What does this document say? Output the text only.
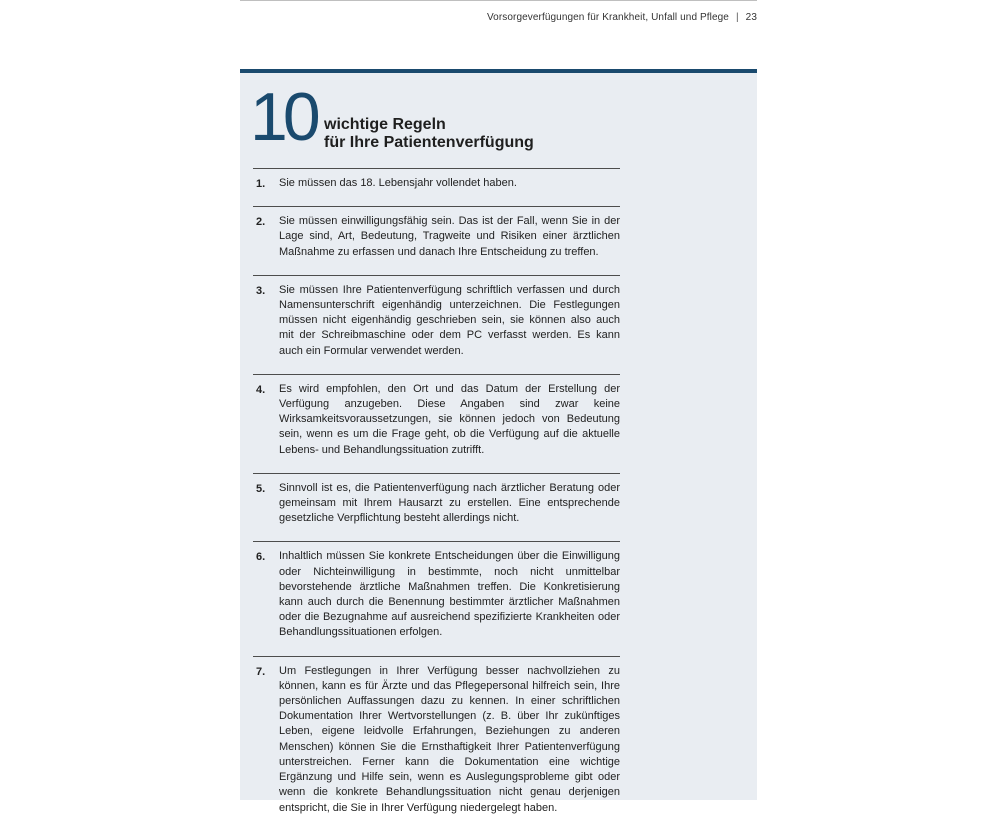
Vorsorgeverfügungen für Krankheit, Unfall und Pflege | 23
10 wichtige Regeln
für Ihre Patientenverfügung
1. Sie müssen das 18. Lebensjahr vollendet haben.
2. Sie müssen einwilligungsfähig sein. Das ist der Fall, wenn Sie in der Lage sind, Art, Bedeutung, Tragweite und Risiken einer ärztlichen Maßnahme zu erfassen und danach Ihre Entscheidung zu treffen.
3. Sie müssen Ihre Patientenverfügung schriftlich verfassen und durch Namensunterschrift eigenhändig unterzeichnen. Die Festlegungen müssen nicht eigenhändig geschrieben sein, sie können also auch mit der Schreibmaschine oder dem PC verfasst werden. Es kann auch ein Formular verwendet werden.
4. Es wird empfohlen, den Ort und das Datum der Erstellung der Verfügung anzugeben. Diese Angaben sind zwar keine Wirksamkeitsvoraussetzungen, sie können jedoch von Bedeutung sein, wenn es um die Frage geht, ob die Verfügung auf die aktuelle Lebens- und Behandlungssituation zutrifft.
5. Sinnvoll ist es, die Patientenverfügung nach ärztlicher Beratung oder gemeinsam mit Ihrem Hausarzt zu erstellen. Eine entsprechende gesetzliche Verpflichtung besteht allerdings nicht.
6. Inhaltlich müssen Sie konkrete Entscheidungen über die Einwilligung oder Nichteinwilligung in bestimmte, noch nicht unmittelbar bevorstehende ärztliche Maßnahmen treffen. Die Konkretisierung kann auch durch die Benennung bestimmter ärztlicher Maßnahmen oder die Bezugnahme auf ausreichend spezifizierte Krankheiten oder Behandlungssituationen erfolgen.
7. Um Festlegungen in Ihrer Verfügung besser nachvollziehen zu können, kann es für Ärzte und das Pflegepersonal hilfreich sein, Ihre persönlichen Auffassungen dazu zu kennen. In einer schriftlichen Dokumentation Ihrer Wertvorstellungen (z. B. über Ihr zukünftiges Leben, eigene leidvolle Erfahrungen, Beziehungen zu anderen Menschen) können Sie die Ernsthaftigkeit Ihrer Patientenverfügung unterstreichen. Ferner kann die Dokumentation eine wichtige Ergänzung und Hilfe sein, wenn es Auslegungsprobleme gibt oder wenn die konkrete Behandlungssituation nicht genau derjenigen entspricht, die Sie in Ihrer Verfügung niedergelegt haben.
